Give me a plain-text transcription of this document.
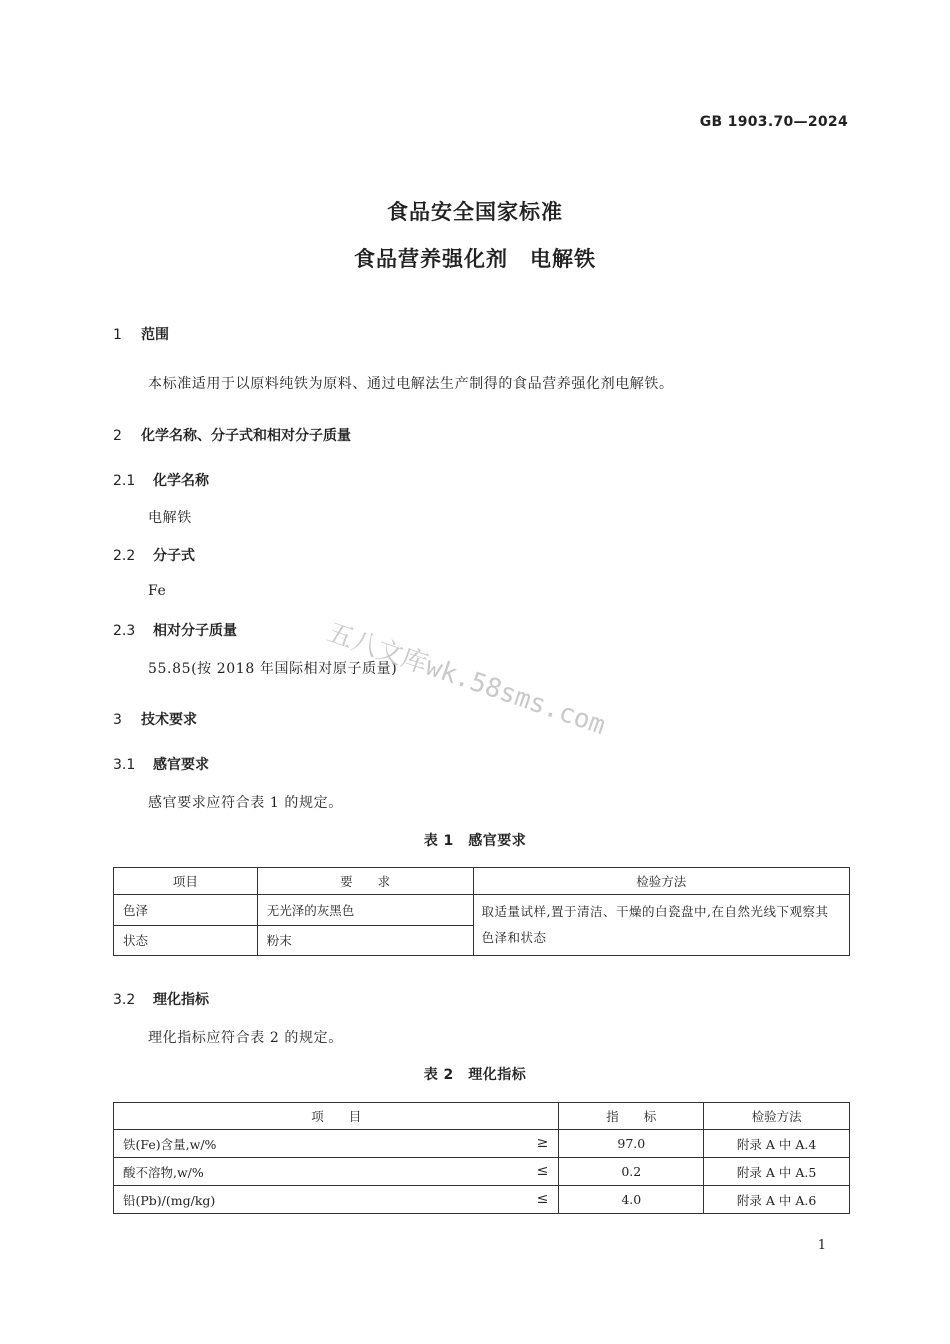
GB 1903.70—2024
食品安全国家标准
食品营养强化剂　电解铁
1 范围
本标准适用于以原料纯铁为原料、通过电解法生产制得的食品营养强化剂电解铁。
2 化学名称、分子式和相对分子质量
2.1 化学名称
电解铁
2.2 分子式
Fe
2.3 相对分子质量
55.85(按 2018 年国际相对原子质量)
3 技术要求
3.1 感官要求
感官要求应符合表 1 的规定。
表 1　感官要求
项目	要　　求	检验方法
色泽	无光泽的灰黑色	取适量试样,置于清洁、干燥的白瓷盘中,在自然光线下观察其色泽和状态
状态	粉末	
3.2 理化指标
理化指标应符合表 2 的规定。
表 2　理化指标
项　　目	指　　标	检验方法
铁(Fe)含量,w/% ≥	97.0	附录 A 中 A.4
酸不溶物,w/% ≤	0.2	附录 A 中 A.5
铅(Pb)/(mg/kg) ≤	4.0	附录 A 中 A.6
五八文库wk.58sms.com
1
